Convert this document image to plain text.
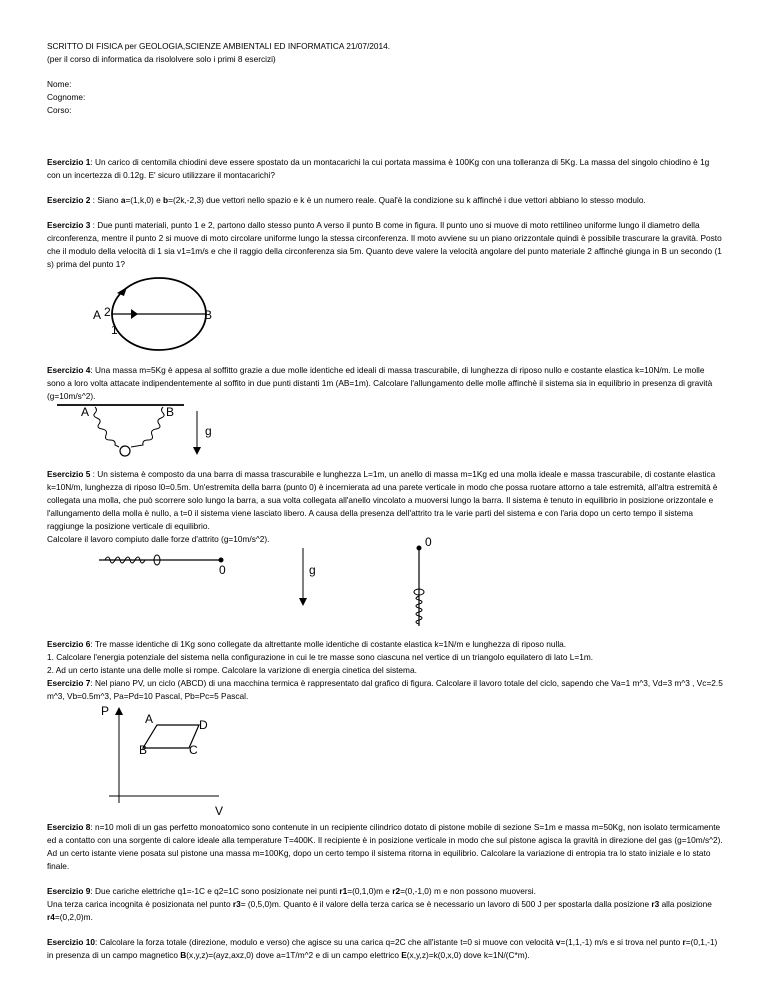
SCRITTO DI FISICA per GEOLOGIA,SCIENZE AMBIENTALI ED INFORMATICA 21/07/2014.

(per il corso di informatica da risololvere solo i primi 8 esercizi)

Nome:

Cognome:

Corso:

Esercizio 1: Un carico di centomila chiodini deve essere spostato da un montacarichi la cui portata massima è 100Kg con una tolleranza di 5Kg. La massa del singolo chiodino è 1g con un incertezza di 0.12g. E' sicuro utilizzare il montacarichi?

Esercizio 2 : Siano a=(1,k,0) e b=(2k,-2,3) due vettori nello spazio e k è un numero reale. Qual'è la condizione su k affinché i due vettori abbiano lo stesso modulo.

Esercizio 3 : Due punti materiali, punto 1 e 2, partono dallo stesso punto A verso il punto B come in figura. Il punto uno si muove di moto rettilineo uniforme lungo il diametro della circonferenza, mentre il punto 2 si muove di moto circolare uniforme lungo la stessa circonferenza. Il moto avviene su un piano orizzontale quindi è possibile trascurare la gravità. Posto che il modulo della velocità di 1 sia v1=1m/s e che il raggio della circonferenza sia 5m. Quanto deve valere la velocità angolare del punto materiale 2 affinché giunga in B un secondo (1 s) prima del punto 1?

A	B
2
1

Esercizio 4: Una massa m=5Kg è appesa al soffitto grazie a due molle identiche ed ideali di massa trascurabile, di lunghezza di riposo nullo e costante elastica k=10N/m. Le molle sono a loro volta attacate indipendentemente al soffito in due punti distanti 1m (AB=1m). Calcolare l'allungamento delle molle affinchè il sistema sia in equilibrio in presenza di gravità (g=10m/s^2).

A	B
g

Esercizio 5 : Un sistema è composto da una barra di massa trascurabile e lunghezza L=1m, un anello di massa m=1Kg ed una molla ideale e massa trascurabile, di costante elastica k=10N/m, lunghezza di riposo l0=0.5m. Un'estremita della barra (punto 0) è incernierata ad una parete verticale in modo che possa ruotare attorno a tale estremità, all'altra estremità è collegata una molla, che può scorrere solo lungo la barra, a sua volta collegata all'anello vincolato a muoversi lungo la barra. Il sistema è tenuto in equilibrio in posizione orizzontale e l'allungamento della molla è nullo, a t=0 il sistema viene lasciato libero. A causa della presenza dell'attrito tra le varie parti del sistema e con l'aria dopo un certo tempo il sistema raggiunge la posizione verticale di equilibrio.

Calcolare il lavoro compiuto dalle forze d'attrito (g=10m/s^2).

0	g
0

Esercizio 6: Tre masse identiche di 1Kg sono collegate da altrettante molle identiche di costante elastica k=1N/m e lunghezza di riposo nulla.

1. Calcolare l'energia potenziale del sistema nella configurazione in cui le tre masse sono ciascuna nel vertice di un triangolo equilatero di lato L=1m.

2. Ad un certo istante una delle molle si rompe. Calcolare la varizione di energia cinetica del sistema.

Esercizio 7: Nel piano PV, un ciclo (ABCD) di una macchina termica è rappresentato dal grafico di figura. Calcolare il lavoro totale del ciclo, sapendo che Va=1 m^3, Vd=3 m^3 , Vc=2.5 m^3, Vb=0.5m^3, Pa=Pd=10 Pascal, Pb=Pc=5 Pascal.

P
V
A	D
B	C

Esercizio 8: n=10 moli di un gas perfetto monoatomico sono contenute in un recipiente cilindrico dotato di pistone mobile di sezione S=1m e massa m=50Kg, non isolato termicamente ed a contatto con una sorgente di calore ideale alla temperature T=400K. Il recipiente è in posizione verticale in modo che sul pistone agisca la gravità in direzione del gas (g=10m/s^2). Ad un certo istante viene posata sul pistone una massa m=100Kg, dopo un certo tempo il sistema ritorna in equilibrio. Calcolare la variazione di entropia tra lo stato iniziale e lo stato finale.

Esercizio 9: Due cariche elettriche q1=-1C e q2=1C sono posizionate nei punti r1=(0,1,0)m e r2=(0,-1,0) m e non possono muoversi.

Una terza carica incognita è posizionata nel punto r3= (0,5,0)m. Quanto è il valore della terza carica se è necessario un lavoro di 500 J per spostarla dalla posizione r3 alla posizione r4=(0,2,0)m.

Esercizio 10: Calcolare la forza totale (direzione, modulo e verso) che agisce su una carica q=2C che all'istante t=0 si muove con velocità v=(1,1,-1) m/s e si trova nel punto r=(0,1,-1) in presenza di un campo magnetico B(x,y,z)=(ayz,axz,0) dove a=1T/m^2 e di un campo elettrico E(x,y,z)=k(0,x,0) dove k=1N/(C*m).
